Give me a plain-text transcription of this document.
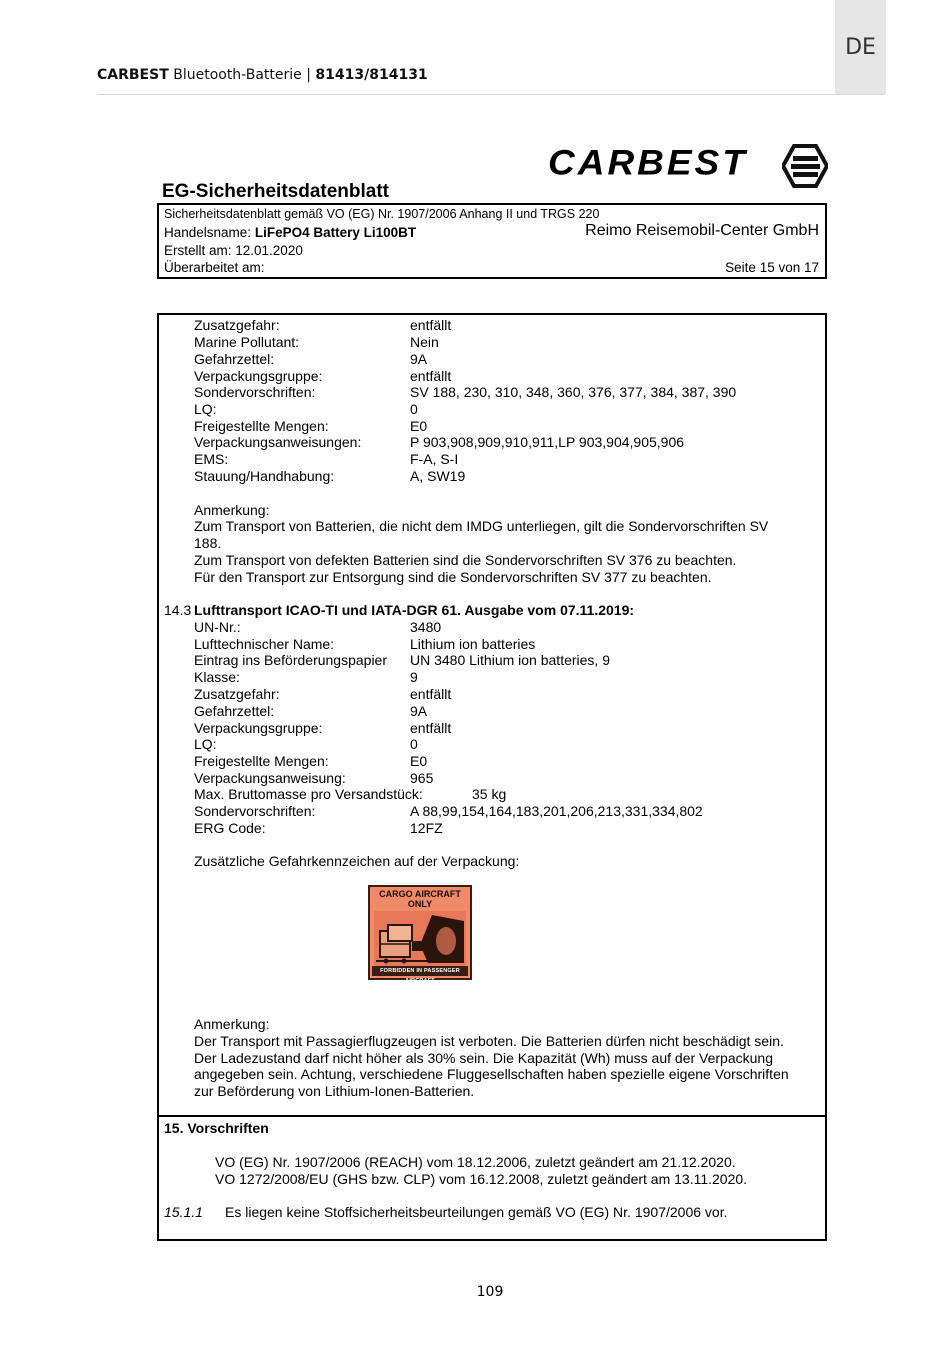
DE
CARBEST Bluetooth-Batterie | 81413/814131
CARBEST
EG-Sicherheitsdatenblatt
Sicherheitsdatenblatt gemäß VO (EG) Nr. 1907/2006 Anhang II und TRGS 220
Handelsname: LiFePO4 Battery Li100BT	Reimo Reisemobil-Center GmbH
Erstellt am: 12.01.2020
Überarbeitet am:	Seite 15 von 17
Zusatzgefahr:	entfällt
Marine Pollutant:	Nein
Gefahrzettel:	9A
Verpackungsgruppe:	entfällt
Sondervorschriften:	SV 188, 230, 310, 348, 360, 376, 377, 384, 387, 390
LQ:	0
Freigestellte Mengen:	E0
Verpackungsanweisungen:	P 903,908,909,910,911,LP 903,904,905,906
EMS:	F-A, S-I
Stauung/Handhabung:	A, SW19
Anmerkung:
Zum Transport von Batterien, die nicht dem IMDG unterliegen, gilt die Sondervorschriften SV
188.
Zum Transport von defekten Batterien sind die Sondervorschriften SV 376 zu beachten.
Für den Transport zur Entsorgung sind die Sondervorschriften SV 377 zu beachten.
14.3 Lufttransport ICAO-TI und IATA-DGR 61. Ausgabe vom 07.11.2019:
UN-Nr.:	3480
Lufttechnischer Name:	Lithium ion batteries
Eintrag ins Beförderungspapier UN 3480 Lithium ion batteries, 9
Klasse:	9
Zusatzgefahr:	entfällt
Gefahrzettel:	9A
Verpackungsgruppe:	entfällt
LQ:	0
Freigestellte Mengen:	E0
Verpackungsanweisung:	965
Max. Bruttomasse pro Versandstück:	35 kg
Sondervorschriften:	A 88,99,154,164,183,201,206,213,331,334,802
ERG Code:	12FZ
Zusätzliche Gefahrkennzeichen auf der Verpackung:
CARGO AIRCRAFT
ONLY
FORBIDDEN IN PASSENGER AIRCRAFT
Anmerkung:
Der Transport mit Passagierflugzeugen ist verboten. Die Batterien dürfen nicht beschädigt sein.
Der Ladezustand darf nicht höher als 30% sein. Die Kapazität (Wh) muss auf der Verpackung
angegeben sein. Achtung, verschiedene Fluggesellschaften haben spezielle eigene Vorschriften
zur Beförderung von Lithium-Ionen-Batterien.
15. Vorschriften
VO (EG) Nr. 1907/2006 (REACH) vom 18.12.2006, zuletzt geändert am 21.12.2020.
VO 1272/2008/EU (GHS bzw. CLP) vom 16.12.2008, zuletzt geändert am 13.11.2020.
15.1.1 Es liegen keine Stoffsicherheitsbeurteilungen gemäß VO (EG) Nr. 1907/2006 vor.
109
